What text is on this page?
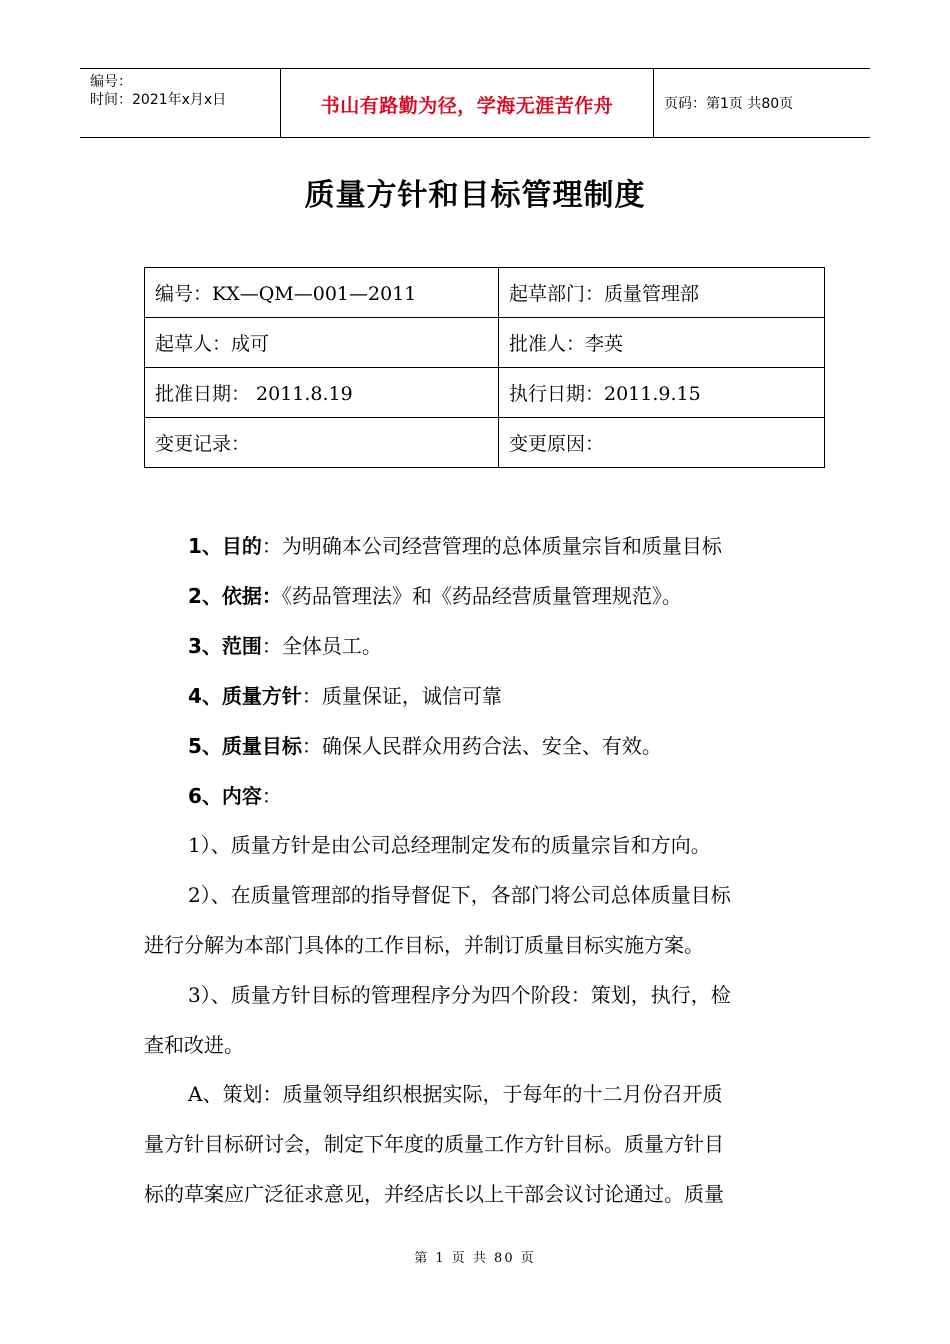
编号：
时间：2021年x月x日	书山有路勤为径，学海无涯苦作舟	页码：第1页 共80页
质量方针和目标管理制度
编号：KX—QM—001—2011	起草部门：质量管理部
起草人：成可	批准人：李英
批准日期： 2011.8.19	执行日期：2011.9.15
变更记录：	变更原因：
1、目的：为明确本公司经营管理的总体质量宗旨和质量目标
2、依据：《药品管理法》和《药品经营质量管理规范》。
3、范围：全体员工。
4、质量方针：质量保证，诚信可靠
5、质量目标：确保人民群众用药合法、安全、有效。
6、内容：
1）、质量方针是由公司总经理制定发布的质量宗旨和方向。
2）、在质量管理部的指导督促下，各部门将公司总体质量目标
进行分解为本部门具体的工作目标，并制订质量目标实施方案。
3）、质量方针目标的管理程序分为四个阶段：策划，执行，检
查和改进。
A、策划：质量领导组织根据实际，于每年的十二月份召开质
量方针目标研讨会，制定下年度的质量工作方针目标。质量方针目
标的草案应广泛征求意见，并经店长以上干部会议讨论通过。质量
第 1 页 共 80 页
